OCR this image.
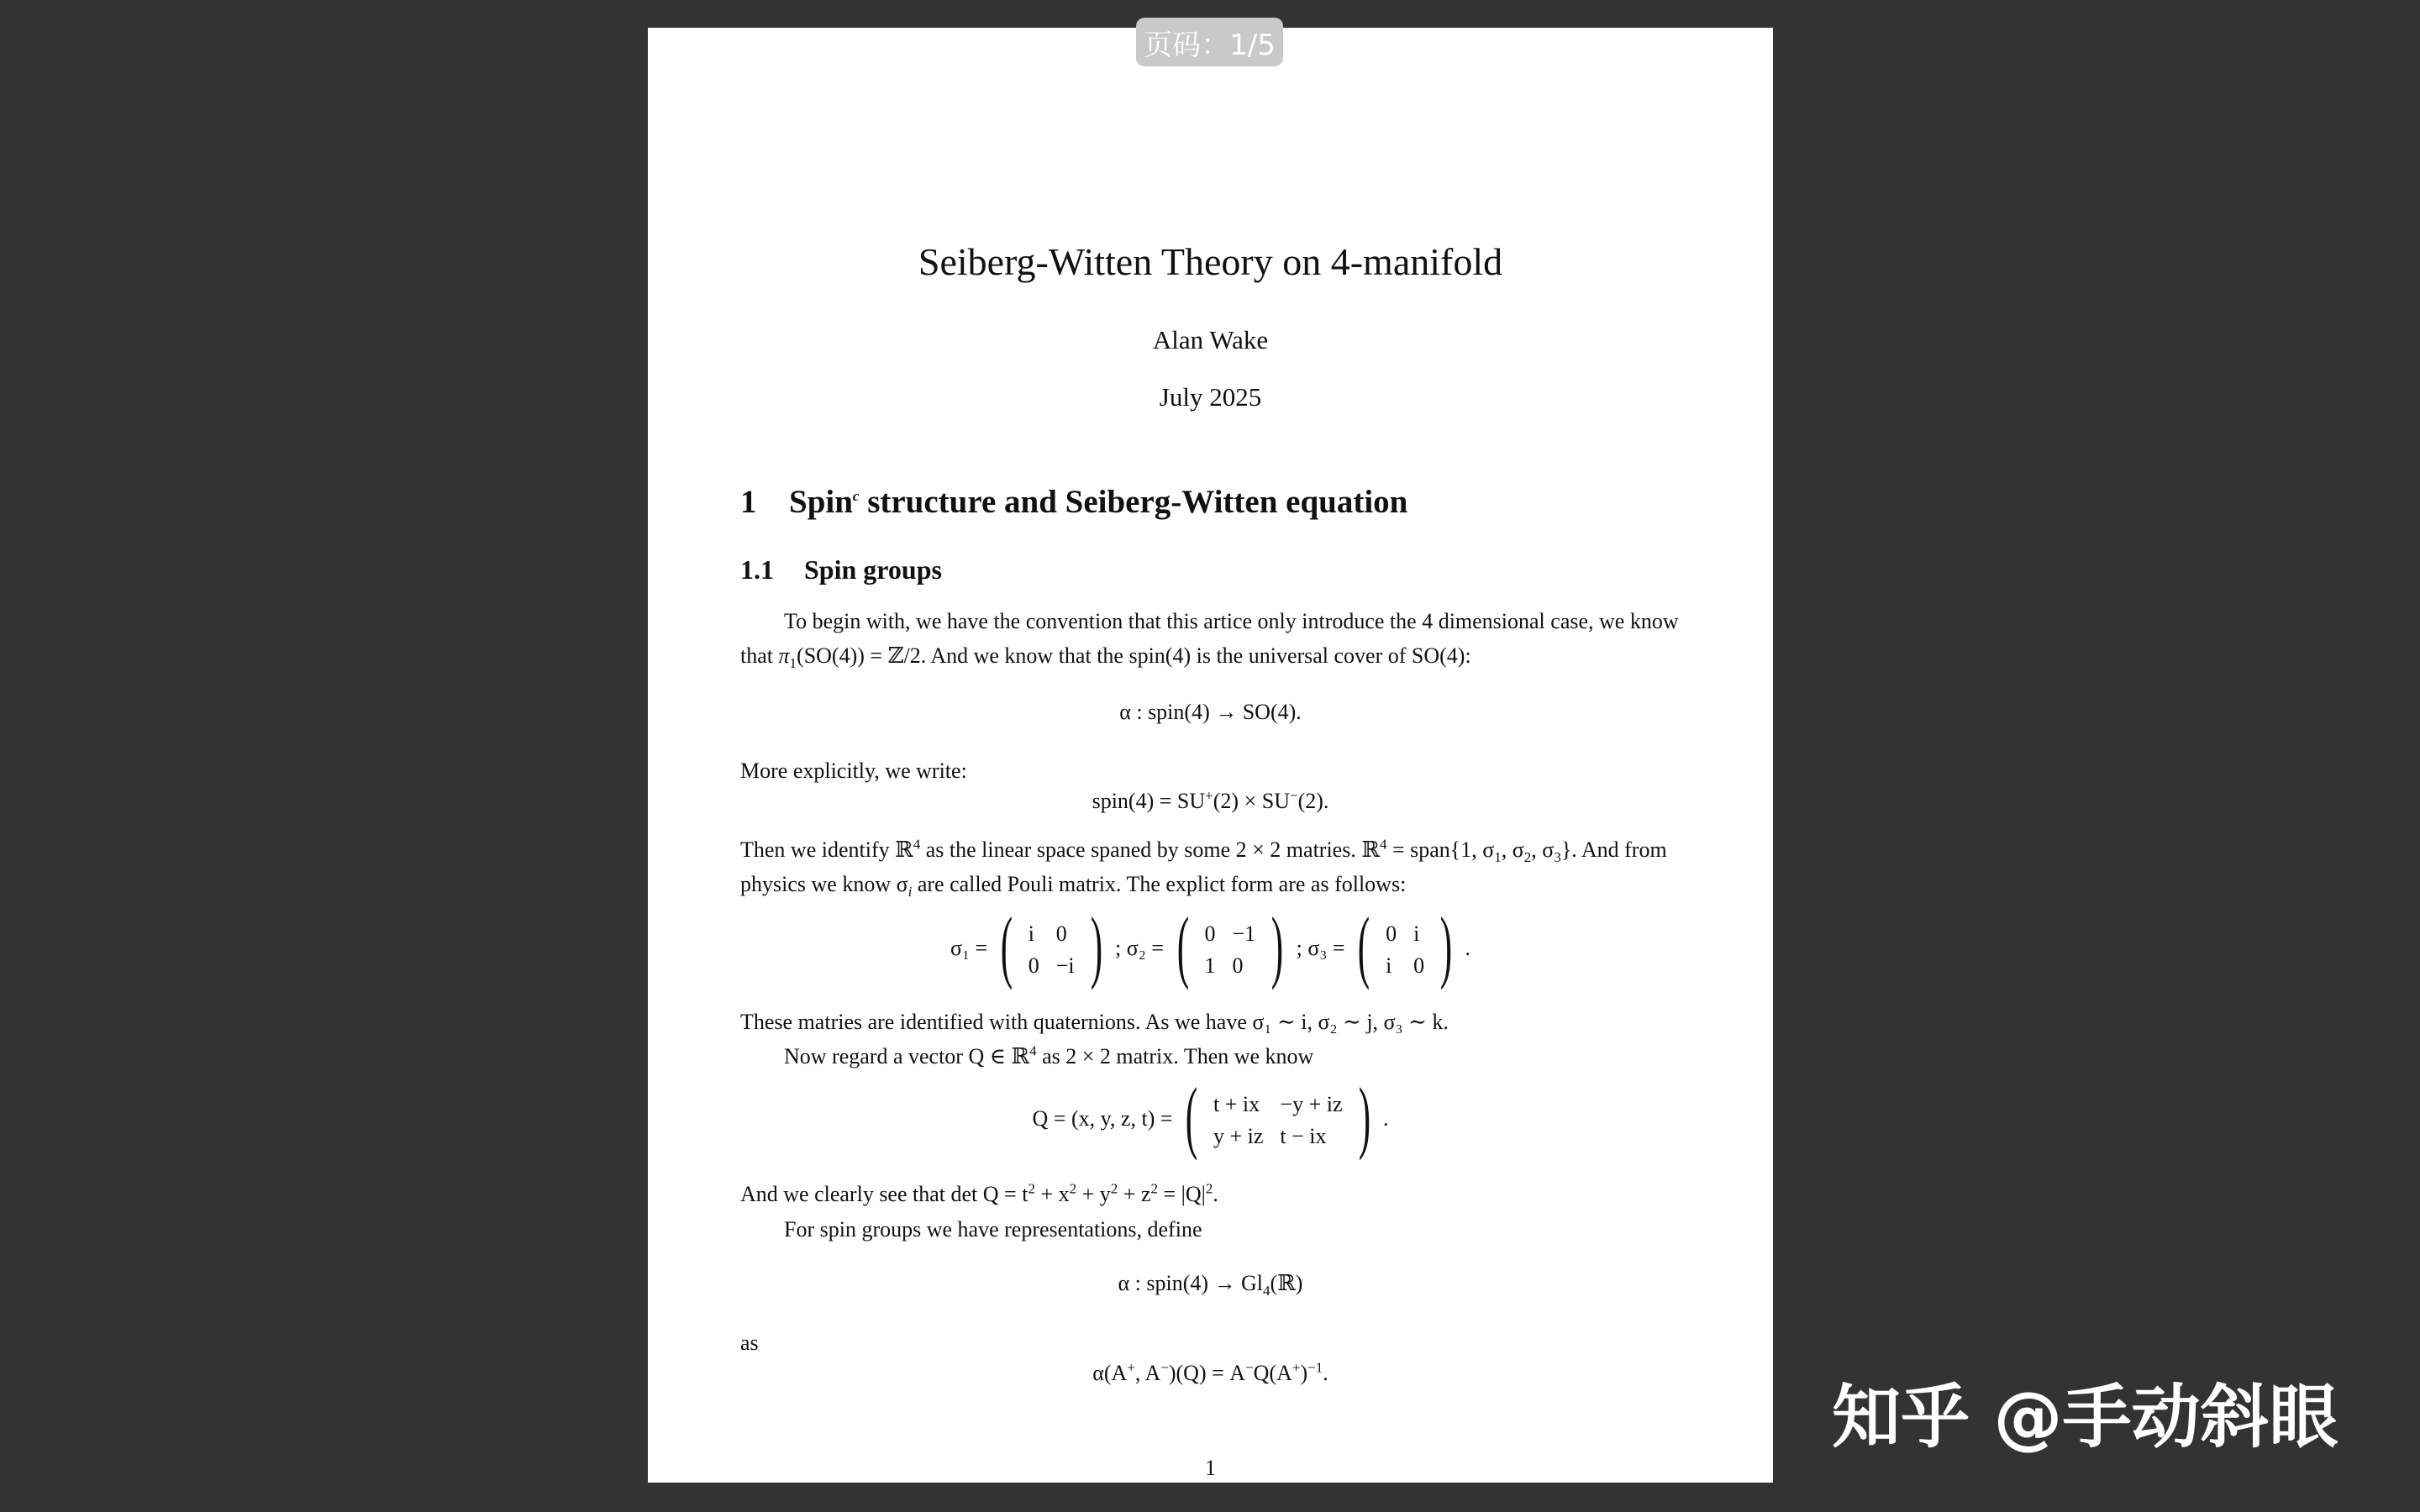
Seiberg-Witten Theory on 4-manifold
Alan Wake
July 2025
1 Spin$^c$ structure and Seiberg-Witten equation
1.1 Spin groups
To begin with, we have the convention that this artice only introduce the 4 dimensional case, we know that $\pi_1(SO(4))$ = ℤ/2. And we know that the spin(4) is the universal cover of SO(4):
α : spin(4) → SO(4).
More explicitly, we write:
spin(4) = SU+(2) × SU−(2).
Then we identify ℝ$^4$ as the linear space spaned by some 2 × 2 matries. ℝ$^4$ = span{1, $\sigma_1$, $\sigma_2$, $\sigma_3$}. And from physics we know $\sigma_i$ are called Pouli matrix. The explict form are as follows:
σ₁ = ( i	0
0	−i ) ; σ₂ = ( 0	−1
1	0 ) ; σ₃ = ( 0	i
i	0 ) .
These matries are identified with quaternions. As we have σ₁ ∼ i, σ₂ ∼ j, σ₃ ∼ k.
Now regard a vector Q ∈ ℝ$^4$ as 2 × 2 matrix. Then we know
Q = (x, y, z, t) = ( t + ix	−y + iz
y + iz	t − ix ) .
And we clearly see that $\det Q = t^2 + x^2 + y^2 + z^2 = |Q|^2$.
For spin groups we have representations, define
α : spin(4) → $Gl_4(ℝ)$
as
α(A+, $A^-)(Q) = A^-Q(A^+)^{-1}$.
1
页码：1/5
知乎 @手动斜眼
